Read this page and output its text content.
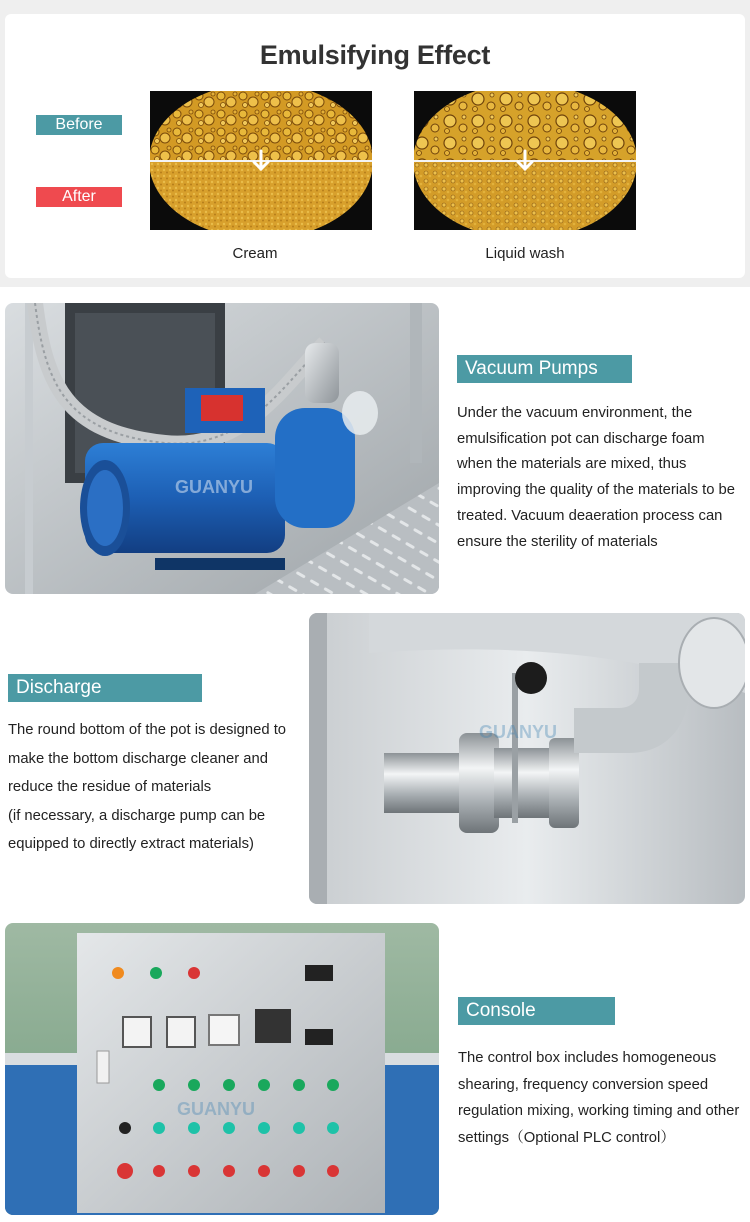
Emulsifying Effect
Before
After
Cream	Liquid wash
GUANYU
Vacuum Pumps

Under the vacuum environment, the emulsification pot can discharge foam when the materials are mixed, thus improving the quality of the materials to be treated. Vacuum deaeration process can ensure the sterility of materials

Discharge

The round bottom of the pot is designed to make the bottom discharge cleaner and reduce the residue of materials

(if necessary, a discharge pump can be equipped to directly extract materials)

GUANYU
GUANYU
Console

The control box includes homogeneous shearing, frequency conversion speed regulation mixing, working timing and other settings（Optional PLC control）
